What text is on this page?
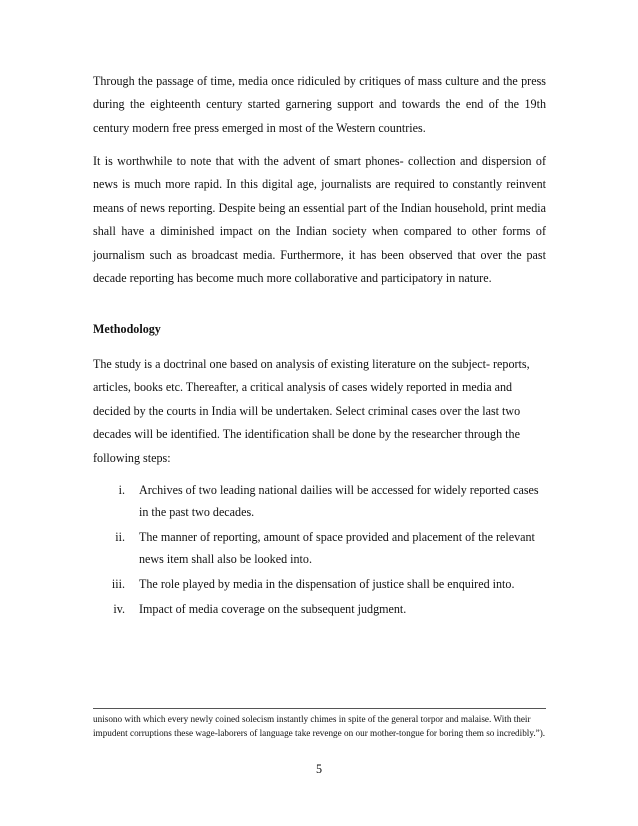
Through the passage of time, media once ridiculed by critiques of mass culture and the press during the eighteenth century started garnering support and towards the end of the 19th century modern free press emerged in most of the Western countries.

It is worthwhile to note that with the advent of smart phones- collection and dispersion of news is much more rapid. In this digital age, journalists are required to constantly reinvent means of news reporting. Despite being an essential part of the Indian household, print media shall have a diminished impact on the Indian society when compared to other forms of journalism such as broadcast media. Furthermore, it has been observed that over the past decade reporting has become much more collaborative and participatory in nature.

Methodology

The study is a doctrinal one based on analysis of existing literature on the subject- reports, articles, books etc. Thereafter, a critical analysis of cases widely reported in media and decided by the courts in India will be undertaken. Select criminal cases over the last two decades will be identified. The identification shall be done by the researcher through the following steps:

i. Archives of two leading national dailies will be accessed for widely reported cases in the past two decades.
ii. The manner of reporting, amount of space provided and placement of the relevant news item shall also be looked into.
iii. The role played by media in the dispensation of justice shall be enquired into.
iv. Impact of media coverage on the subsequent judgment.

unisono with which every newly coined solecism instantly chimes in spite of the general torpor and malaise. With their impudent corruptions these wage-laborers of language take revenge on our mother-tongue for boring them so incredibly.”).

5
